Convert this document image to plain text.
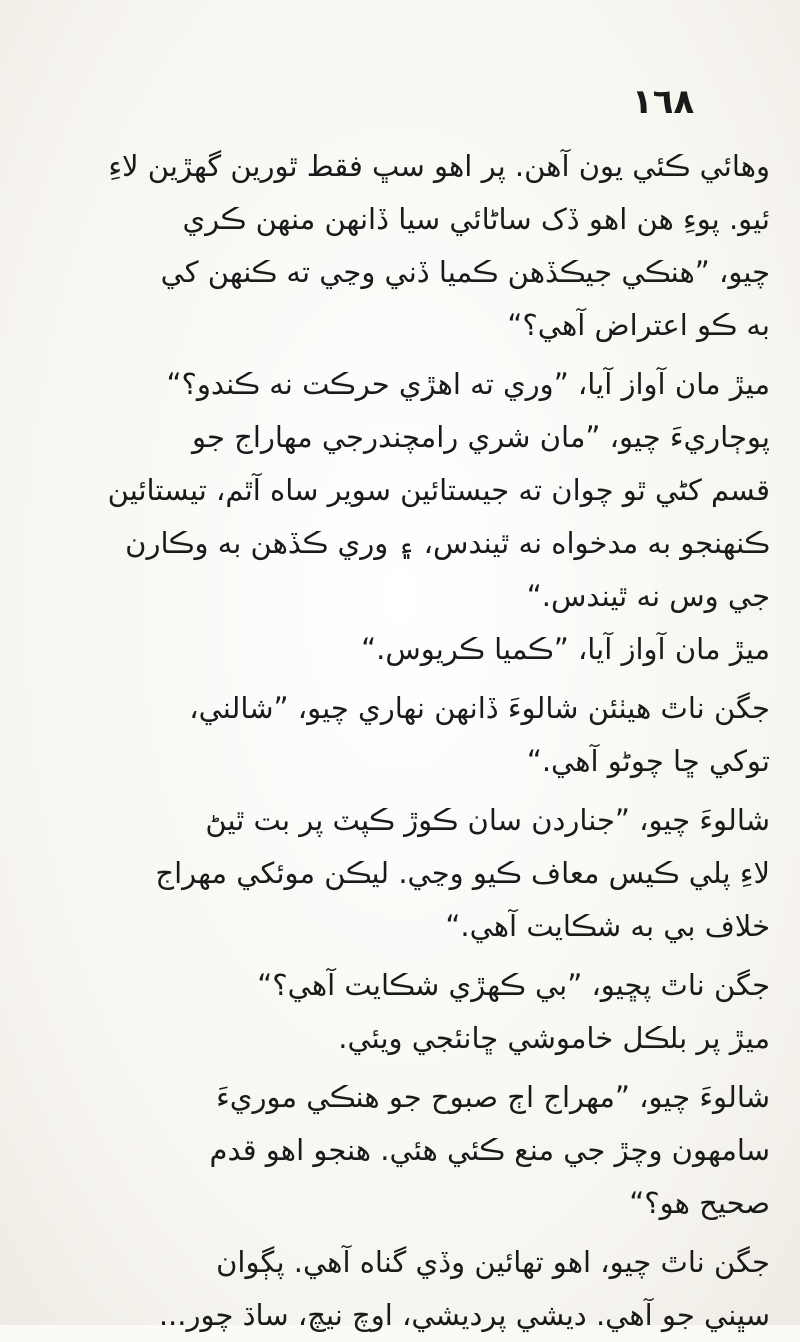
١٦٨
وهائي ڪئي يون آهن. پر اهو سڀ فقط ٿورين گهڙين لاءِ
ئيو. پوءِ هن اهو ڏک ساڻائي سيا ڏانهن منهن ڪري
چيو، ”هنڪي جيڪڏهن ڪميا ڏني وڃي ته ڪنهن کي
به ڪو اعتراض آهي؟“
ميڙ مان آواز آيا، ”وري ته اهڙي حرڪت نه ڪندو؟“
پوڄاريءَ چيو، ”مان شري رامچندرجي مهاراج جو
قسم کڻي ٿو چوان ته جيستائين سوير ساه آٿم، تيستائين
ڪنهنجو به مدخواه نه ٿيندس، ۽ وري ڪڏهن به وڪارن
جي وس نه ٿيندس.“
ميڙ مان آواز آيا، ”ڪميا ڪريوس.“
جگن ناٿ هيٺئن شالوءَ ڏانهن نهاري چيو، ”شالني،
توکي ڇا چوڻو آهي.“
شالوءَ چيو، ”جناردن سان ڪوڙ ڪپٽ پر بت ٿيڻ
لاءِ پلي ڪيس معاف ڪيو وڃي. ليڪن موئکي مهراج
خلاف بي به شڪايت آهي.“
جگن ناٿ پڇيو، ”بي ڪهڙي شڪايت آهي؟“
ميڙ پر بلڪل خاموشي ڇانئجي ويئي.
شالوءَ چيو، ”مهراج اڄ صبوح جو هنڪي موريءَ
سامهون وچڙ جي منع ڪئي هئي. هنجو اهو قدم
صحيح هو؟“
جگن ناٿ چيو، اهو تهائين وڏي گناه آهي. پڳوان
سڀني جو آهي. ديشي پرديشي، اوچ نيچ، ساڌ چور...
